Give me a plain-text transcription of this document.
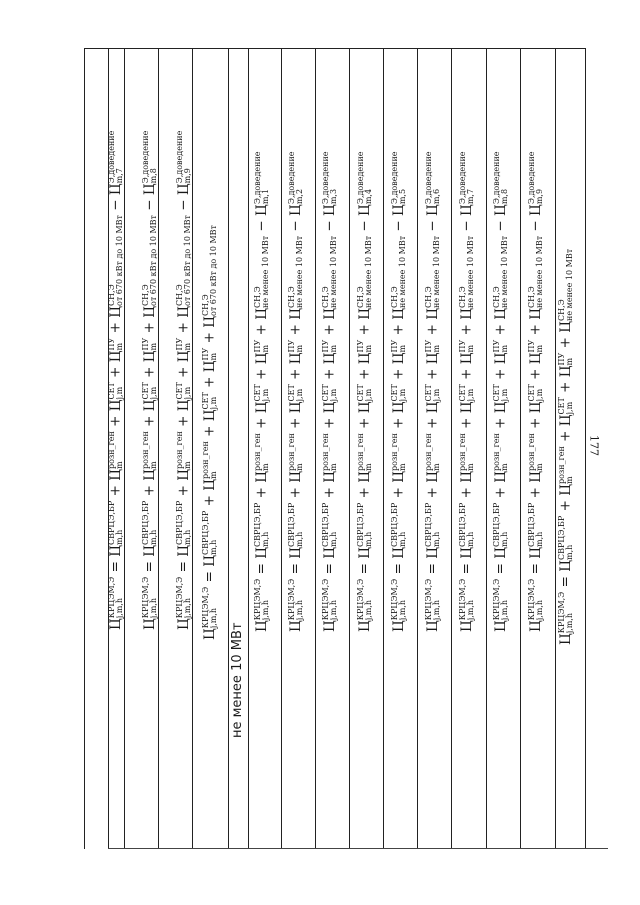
177
Ц
КРЦЭМ,Э j,m,h
= Ц
СВРЦЭ,БР m,h
+ Ц
розн_ген m
+ Ц
СЕТ j,m
+ Ц
ПУ m
+ Ц
СН,Э от 670 кВт до 10 МВт
− Ц
Э,доведение m,7
Ц
КРЦЭМ,Э j,m,h
= Ц
СВРЦЭ,БР m,h
+ Ц
розн_ген m
+ Ц
СЕТ j,m
+ Ц
ПУ m
+ Ц
СН,Э от 670 кВт до 10 МВт
− Ц
Э,доведение m,8
Ц
КРЦЭМ,Э j,m,h
= Ц
СВРЦЭ,БР m,h
+ Ц
розн_ген m
+ Ц
СЕТ j,m
+ Ц
ПУ m
+ Ц
СН,Э от 670 кВт до 10 МВт
− Ц
Э,доведение m,9
Ц
КРЦЭМ,Э j,m,h
= Ц
СВРЦЭ,БР m,h
+ Ц
розн_ген m
+ Ц
СЕТ j,m
+ Ц
ПУ m
+ Ц
СН,Э от 670 кВт до 10 МВт
Ц
КРЦЭМ,Э j,m,h
= Ц
СВРЦЭ,БР m,h
+ Ц
розн_ген m
+ Ц
СЕТ j,m
+ Ц
ПУ m
+ Ц
СН,Э не менее 10 МВт
− Ц
Э,доведение m,1
Ц
КРЦЭМ,Э j,m,h
= Ц
СВРЦЭ,БР m,h
+ Ц
розн_ген m
+ Ц
СЕТ j,m
+ Ц
ПУ m
+ Ц
СН,Э не менее 10 МВт
− Ц
Э,доведение m,2
Ц
КРЦЭМ,Э j,m,h
= Ц
СВРЦЭ,БР m,h
+ Ц
розн_ген m
+ Ц
СЕТ j,m
+ Ц
ПУ m
+ Ц
СН,Э не менее 10 МВт
− Ц
Э,доведение m,3
Ц
КРЦЭМ,Э j,m,h
= Ц
СВРЦЭ,БР m,h
+ Ц
розн_ген m
+ Ц
СЕТ j,m
+ Ц
ПУ m
+ Ц
СН,Э не менее 10 МВт
− Ц
Э,доведение m,4
Ц
КРЦЭМ,Э j,m,h
= Ц
СВРЦЭ,БР m,h
+ Ц
розн_ген m
+ Ц
СЕТ j,m
+ Ц
ПУ m
+ Ц
СН,Э не менее 10 МВт
− Ц
Э,доведение m,5
Ц
КРЦЭМ,Э j,m,h
= Ц
СВРЦЭ,БР m,h
+ Ц
розн_ген m
+ Ц
СЕТ j,m
+ Ц
ПУ m
+ Ц
СН,Э не менее 10 МВт
− Ц
Э,доведение m,6
Ц
КРЦЭМ,Э j,m,h
= Ц
СВРЦЭ,БР m,h
+ Ц
розн_ген m
+ Ц
СЕТ j,m
+ Ц
ПУ m
+ Ц
СН,Э не менее 10 МВт
− Ц
Э,доведение m,7
Ц
КРЦЭМ,Э j,m,h
= Ц
СВРЦЭ,БР m,h
+ Ц
розн_ген m
+ Ц
СЕТ j,m
+ Ц
ПУ m
+ Ц
СН,Э не менее 10 МВт
− Ц
Э,доведение m,8
Ц
КРЦЭМ,Э j,m,h
= Ц
СВРЦЭ,БР m,h
+ Ц
розн_ген m
+ Ц
СЕТ j,m
+ Ц
ПУ m
+ Ц
СН,Э не менее 10 МВт
− Ц
Э,доведение m,9
Ц
КРЦЭМ,Э j,m,h
= Ц
СВРЦЭ,БР m,h
+ Ц
розн_ген m
+ Ц
СЕТ j,m
+ Ц
ПУ m
+ Ц
СН,Э не менее 10 МВт
не менее 10 МВт
